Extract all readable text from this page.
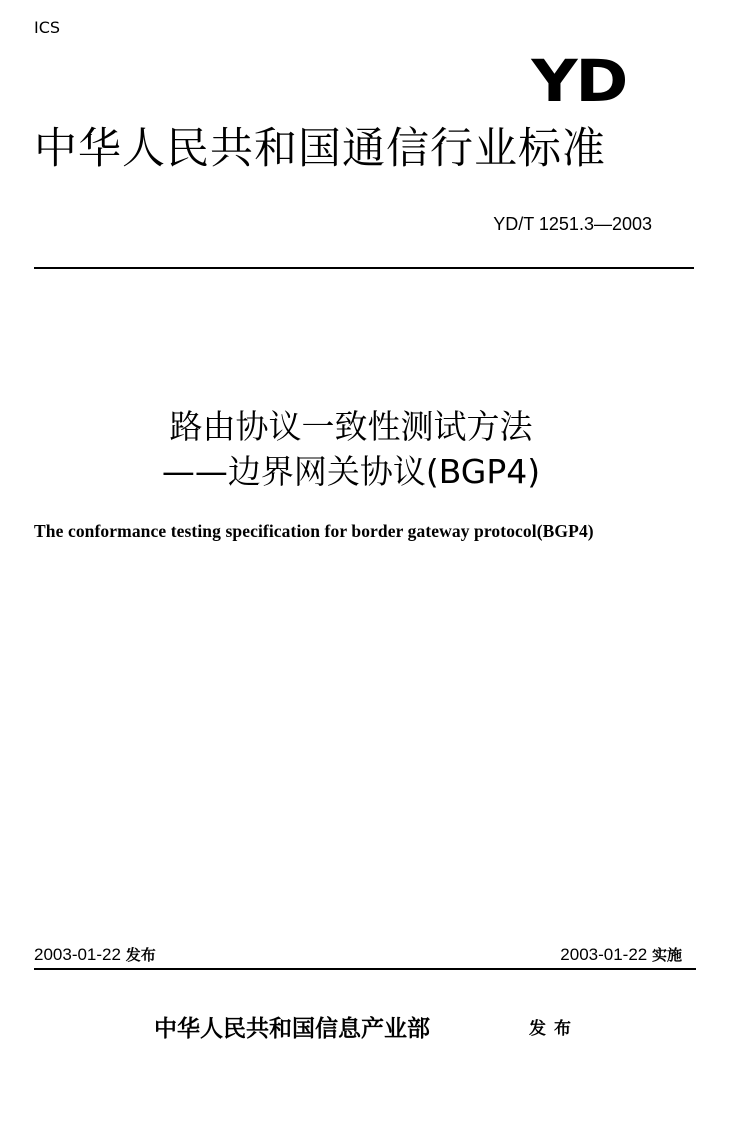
ICS
YD
中华人民共和国通信行业标准
YD/T 1251.3—2003
路由协议一致性测试方法
——边界网关协议(BGP4)
The conformance testing specification for border gateway protocol(BGP4)
2003-01-22 发布	2003-01-22 实施
中华人民共和国信息产业部	发布
